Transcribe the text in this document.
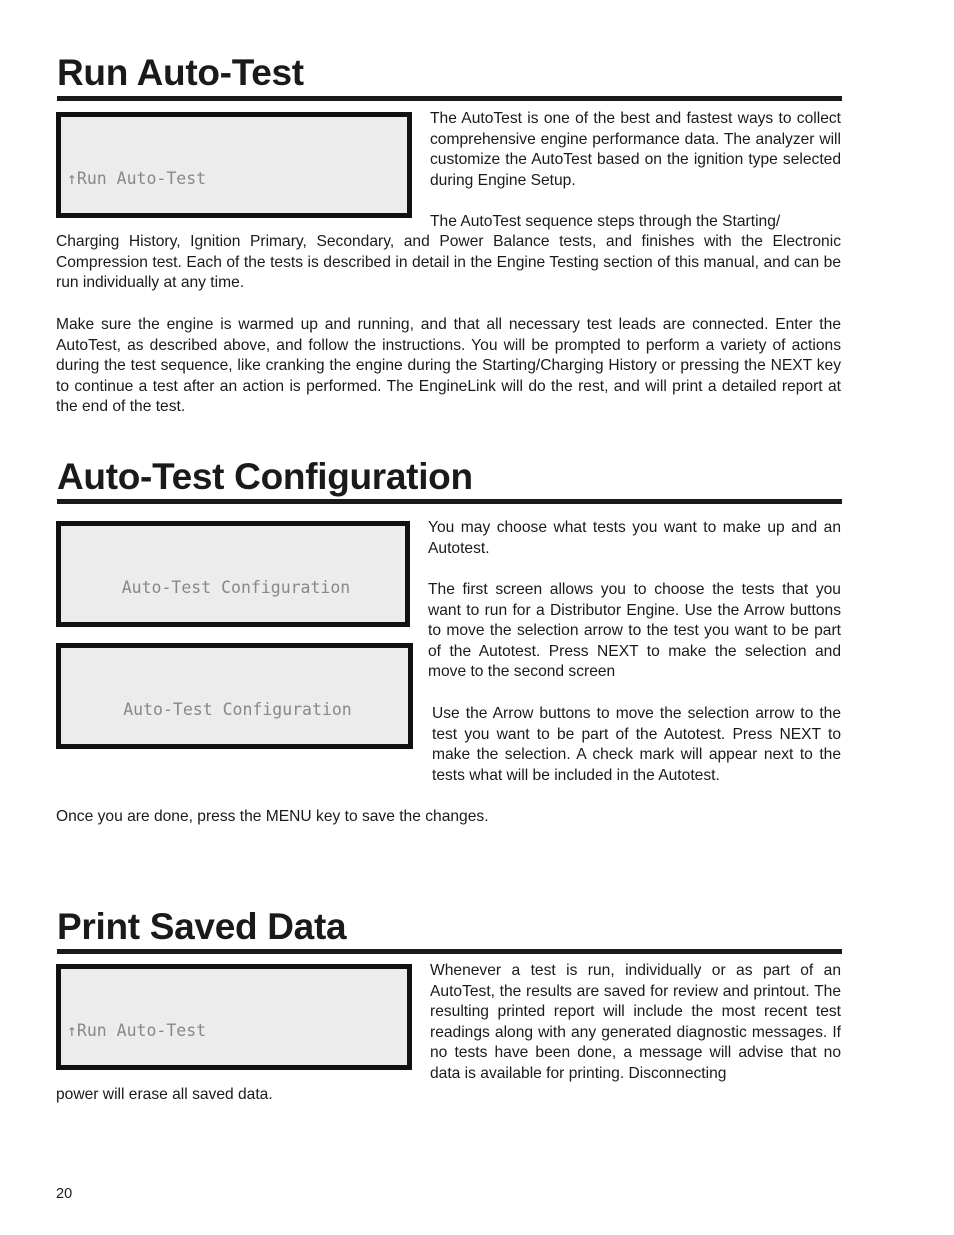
Run Auto-Test

↑Run Auto-Test

The AutoTest is one of the best and fastest ways to collect comprehensive engine performance data. The analyzer will customize the AutoTest based on the ignition type selected during Engine Setup.

The AutoTest sequence steps through the Starting/

Charging History, Ignition Primary, Secondary, and Power Balance tests, and finishes with the Electronic Compression test. Each of the tests is described in detail in the Engine Testing section of this manual, and can be run individually at any time.

Make sure the engine is warmed up and running, and that all necessary test leads are connected. Enter the AutoTest, as described above, and follow the instructions. You will be prompted to perform a variety of actions during the test sequence, like cranking the engine during the Starting/Charging History or pressing the NEXT key to continue a test after an action is performed. The EngineLink will do the rest, and will print a detailed report at the end of the test.

Auto-Test Configuration

Auto-Test Configuration

Auto-Test Configuration

You may choose what tests you want to make up and an Autotest.

The first screen allows you to choose the tests that you want to run for a Distributor Engine. Use the Arrow buttons to move the selection arrow to the test you want to be part of the Autotest. Press NEXT to make the selection and move to the second screen

Use the Arrow buttons to move the selection arrow to the test you want to be part of the Autotest. Press NEXT to make the selection. A check mark will appear next to the tests what will be included in the Autotest.

Once you are done, press the MENU key to save the changes.

Print Saved Data

↑Run Auto-Test

Whenever a test is run, individually or as part of an AutoTest, the results are saved for review and printout. The resulting printed report will include the most recent test readings along with any generated diagnostic messages. If no tests have been done, a message will advise that no data is available for printing. Disconnecting

power will erase all saved data.

20
